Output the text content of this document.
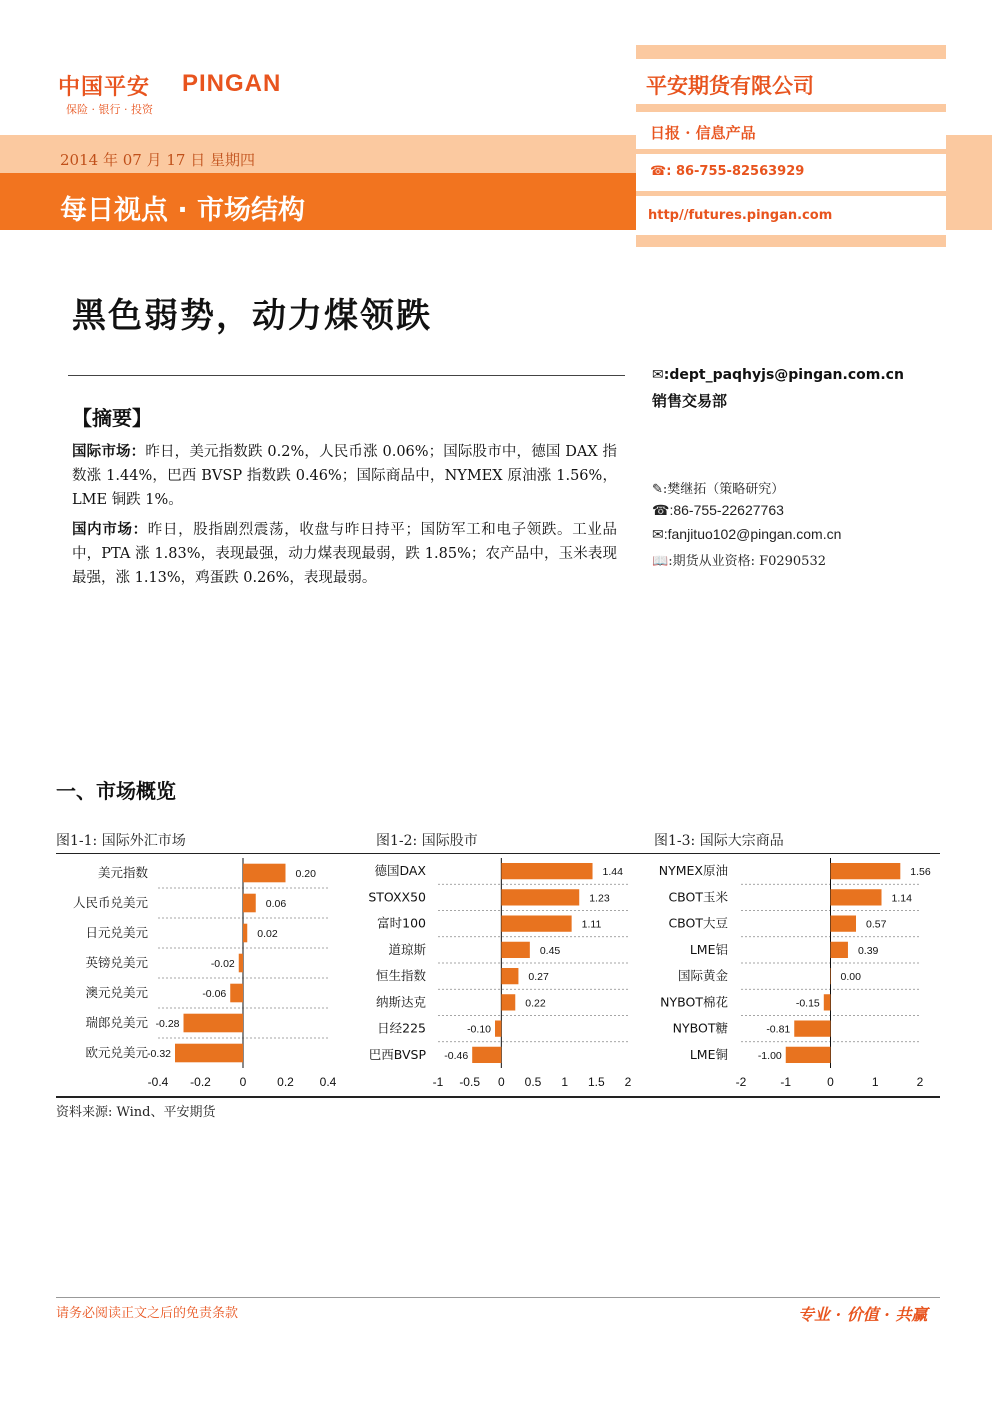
中国平安 PINGAN
保险 · 银行 · 投资
2014 年 07 月 17 日 星期四
每日视点 · 市场结构
平安期货有限公司
日报 · 信息产品
☎: 86-755-82563929
http//futures.pingan.com
黑色弱势，动力煤领跌
✉:dept_paqhyjs@pingan.com.cn
销售交易部
【摘要】
国际市场：昨日，美元指数跌 0.2%，人民币涨 0.06%；国际股市中，德国 DAX 指数涨 1.44%，巴西 BVSP 指数跌 0.46%；国际商品中，NYMEX 原油涨 1.56%，LME 铜跌 1%。
国内市场：昨日，股指剧烈震荡，收盘与昨日持平；国防军工和电子领跌。工业品中，PTA 涨 1.83%，表现最强，动力煤表现最弱，跌 1.85%；农产品中，玉米表现最强，涨 1.13%，鸡蛋跌 0.26%，表现最弱。
✎:樊继拓（策略研究）
☎:86-755-22627763
✉:fanjituo102@pingan.com.cn
📖:期货从业资格: F0290532
一、市场概览
图1-1: 国际外汇市场	图1-2: 国际股市	图1-3: 国际大宗商品
美元指数	0.20
人民币兑美元	0.06
日元兑美元	0.02
英镑兑美元	-0.02
澳元兑美元	-0.06
瑞郎兑美元 -0.28
欧元兑美元 -0.32
-0.4 -0.2 0	0.2 0.4
德国DAX	1.44
STOXX50	1.23
富时100	1.11
道琼斯	0.45
恒生指数	0.27
纳斯达克	0.22
日经225	-0.10
巴西BVSP -0.46
-1 -0.5 0 0.5 1 1.5 2
NYMEX原油	1.56
CBOT玉米	1.14
CBOT大豆	0.57
LME铝	0.39
国际黄金	0.00
NYBOT棉花	-0.15
NYBOT糖	-0.81
LME铜	-1.00
-2	-1	0	1	2
资料来源: Wind、平安期货
请务必阅读正文之后的免责条款	专业 · 价值 · 共赢
